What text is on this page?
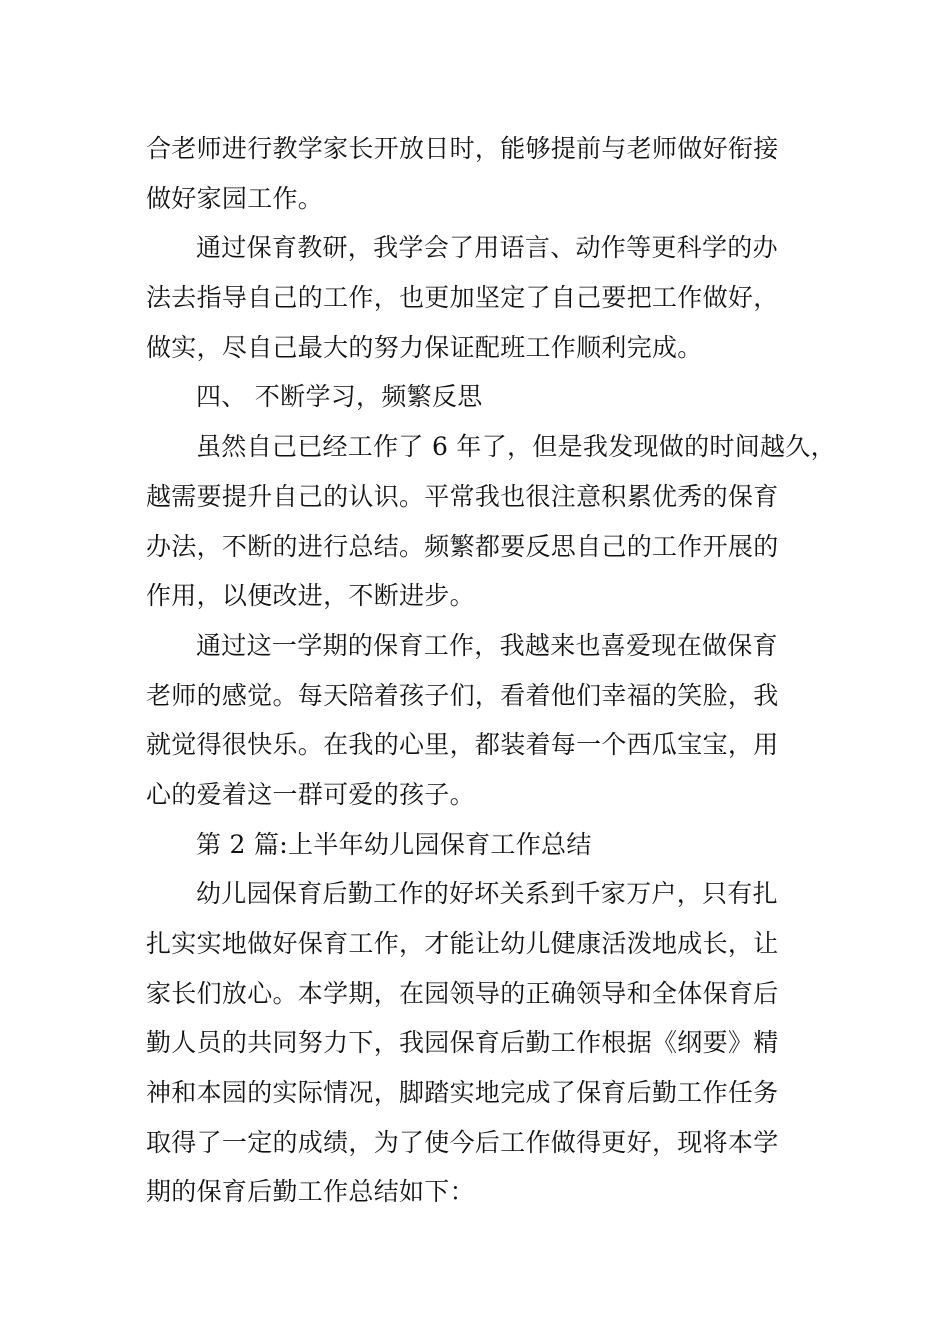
合老师进行教学家长开放日时，能够提前与老师做好衔接
做好家园工作。
通过保育教研，我学会了用语言、动作等更科学的办
法去指导自己的工作，也更加坚定了自己要把工作做好，
做实，尽自己最大的努力保证配班工作顺利完成。
四、 不断学习，频繁反思
虽然自己已经工作了 6 年了，但是我发现做的时间越久，
越需要提升自己的认识。平常我也很注意积累优秀的保育
办法，不断的进行总结。频繁都要反思自己的工作开展的
作用，以便改进，不断进步。
通过这一学期的保育工作，我越来也喜爱现在做保育
老师的感觉。每天陪着孩子们，看着他们幸福的笑脸，我
就觉得很快乐。在我的心里，都装着每一个西瓜宝宝，用
心的爱着这一群可爱的孩子。
第 2 篇:上半年幼儿园保育工作总结
幼儿园保育后勤工作的好坏关系到千家万户，只有扎
扎实实地做好保育工作，才能让幼儿健康活泼地成长，让
家长们放心。本学期，在园领导的正确领导和全体保育后
勤人员的共同努力下，我园保育后勤工作根据《纲要》精
神和本园的实际情况，脚踏实地完成了保育后勤工作任务
取得了一定的成绩，为了使今后工作做得更好，现将本学
期的保育后勤工作总结如下：
